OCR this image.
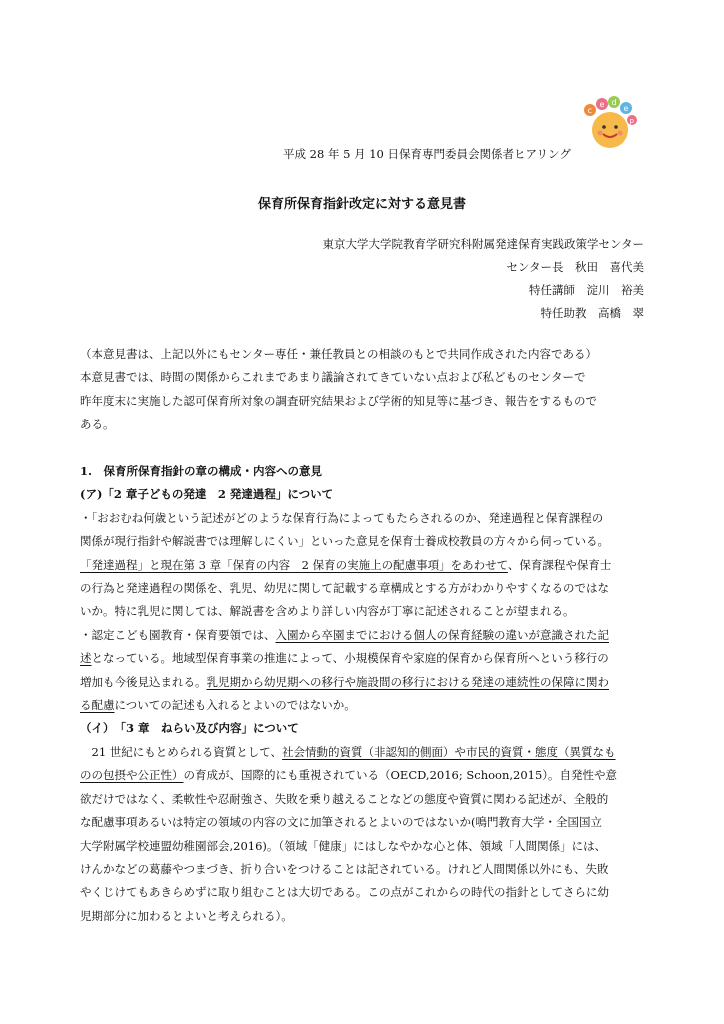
c
e d
e
p
平成 28 年 5 月 10 日保育専門委員会関係者ヒアリング
保育所保育指針改定に対する意見書
東京大学大学院教育学研究科附属発達保育実践政策学センター
センター長　秋田　喜代美
特任講師　淀川　裕美
特任助教　高橋　翠

（本意見書は、上記以外にもセンター専任・兼任教員との相談のもとで共同作成された内容である）

本意見書では、時間の関係からこれまであまり議論されてきていない点および私どものセンターで

昨年度末に実施した認可保育所対象の調査研究結果および学術的知見等に基づき、報告をするもので

ある。

1.　保育所保育指針の章の構成・内容への意見

(ア)「2 章子どもの発達　2 発達過程」について

・「おおむね何歳という記述がどのような保育行為によってもたらされるのか、発達過程と保育課程の

関係が現行指針や解説書では理解しにくい」といった意見を保育士養成校教員の方々から伺っている。

「発達過程」と現在第 3 章「保育の内容　2 保育の実施上の配慮事項」をあわせて、保育課程や保育士

の行為と発達過程の関係を、乳児、幼児に関して記載する章構成とする方がわかりやすくなるのではな

いか。特に乳児に関しては、解説書を含めより詳しい内容が丁寧に記述されることが望まれる。

・認定こども園教育・保育要領では、入園から卒園までにおける個人の保育経験の違いが意識された記

述となっている。地域型保育事業の推進によって、小規模保育や家庭的保育から保育所へという移行の

増加も今後見込まれる。乳児期から幼児期への移行や施設間の移行における発達の連続性の保障に関わ

る配慮についての記述も入れるとよいのではないか。

（イ）　「3 章　ねらい及び内容」について

　21 世紀にもとめられる資質として、社会情動的資質（非認知的側面）や市民的資質・態度（異質なも

のの包摂や公正性）の育成が、国際的にも重視されている（OECD,2016; Schoon,2015）。自発性や意

欲だけではなく、柔軟性や忍耐強さ、失敗を乗り越えることなどの態度や資質に関わる記述が、全般的

な配慮事項あるいは特定の領域の内容の文に加筆されるとよいのではないか(鳴門教育大学・全国国立

大学附属学校連盟幼稚園部会,2016)。（領域「健康」にはしなやかな心と体、領域「人間関係」には、

けんかなどの葛藤やつまづき、折り合いをつけることは記されている。けれど人間関係以外にも、失敗

やくじけてもあきらめずに取り組むことは大切である。この点がこれからの時代の指針としてさらに幼

児期部分に加わるとよいと考えられる）。
